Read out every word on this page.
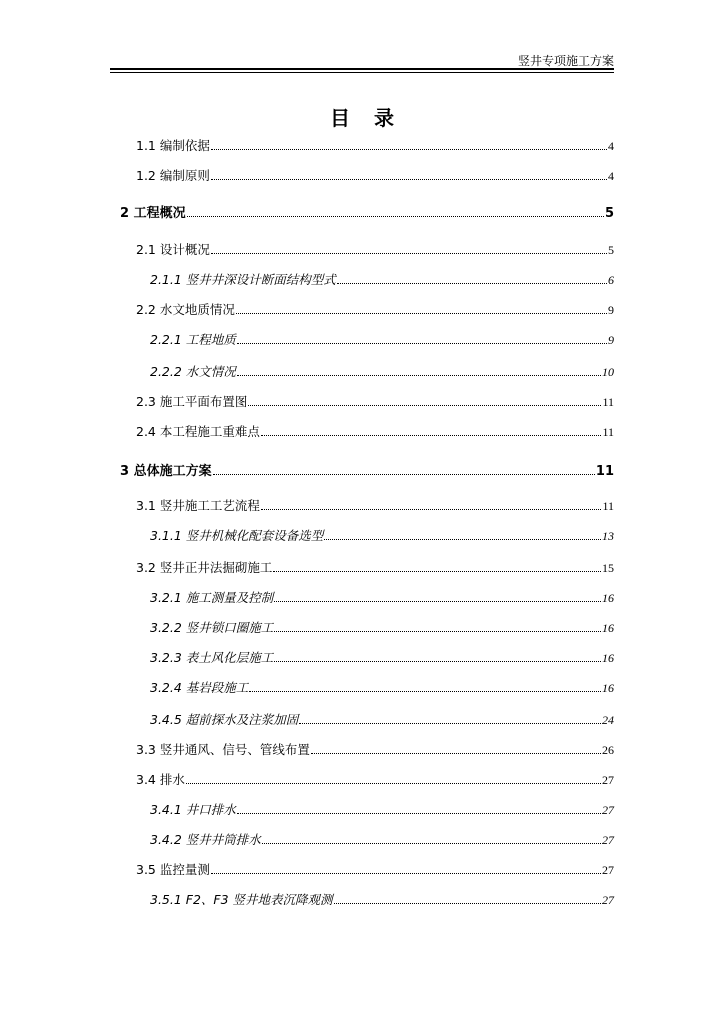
竖井专项施工方案
目录
1.1 编制依据	4
1.2 编制原则	4
2 工程概况	5
2.1 设计概况	5
2.1.1 竖井井深设计断面结构型式	6
2.2 水文地质情况	9
2.2.1 工程地质	9
2.2.2 水文情况	10
2.3 施工平面布置图	11
2.4 本工程施工重难点	11
3 总体施工方案	11
3.1 竖井施工工艺流程	11
3.1.1 竖井机械化配套设备选型	13
3.2 竖井正井法掘砌施工	15
3.2.1 施工测量及控制	16
3.2.2 竖井锁口圈施工	16
3.2.3 表土风化层施工	16
3.2.4 基岩段施工	16
3.4.5 超前探水及注浆加固	24
3.3 竖井通风、信号、管线布置	26
3.4 排水	27
3.4.1 井口排水	27
3.4.2 竖井井筒排水	27
3.5 监控量测	27
3.5.1 F2、F3 竖井地表沉降观测	27
